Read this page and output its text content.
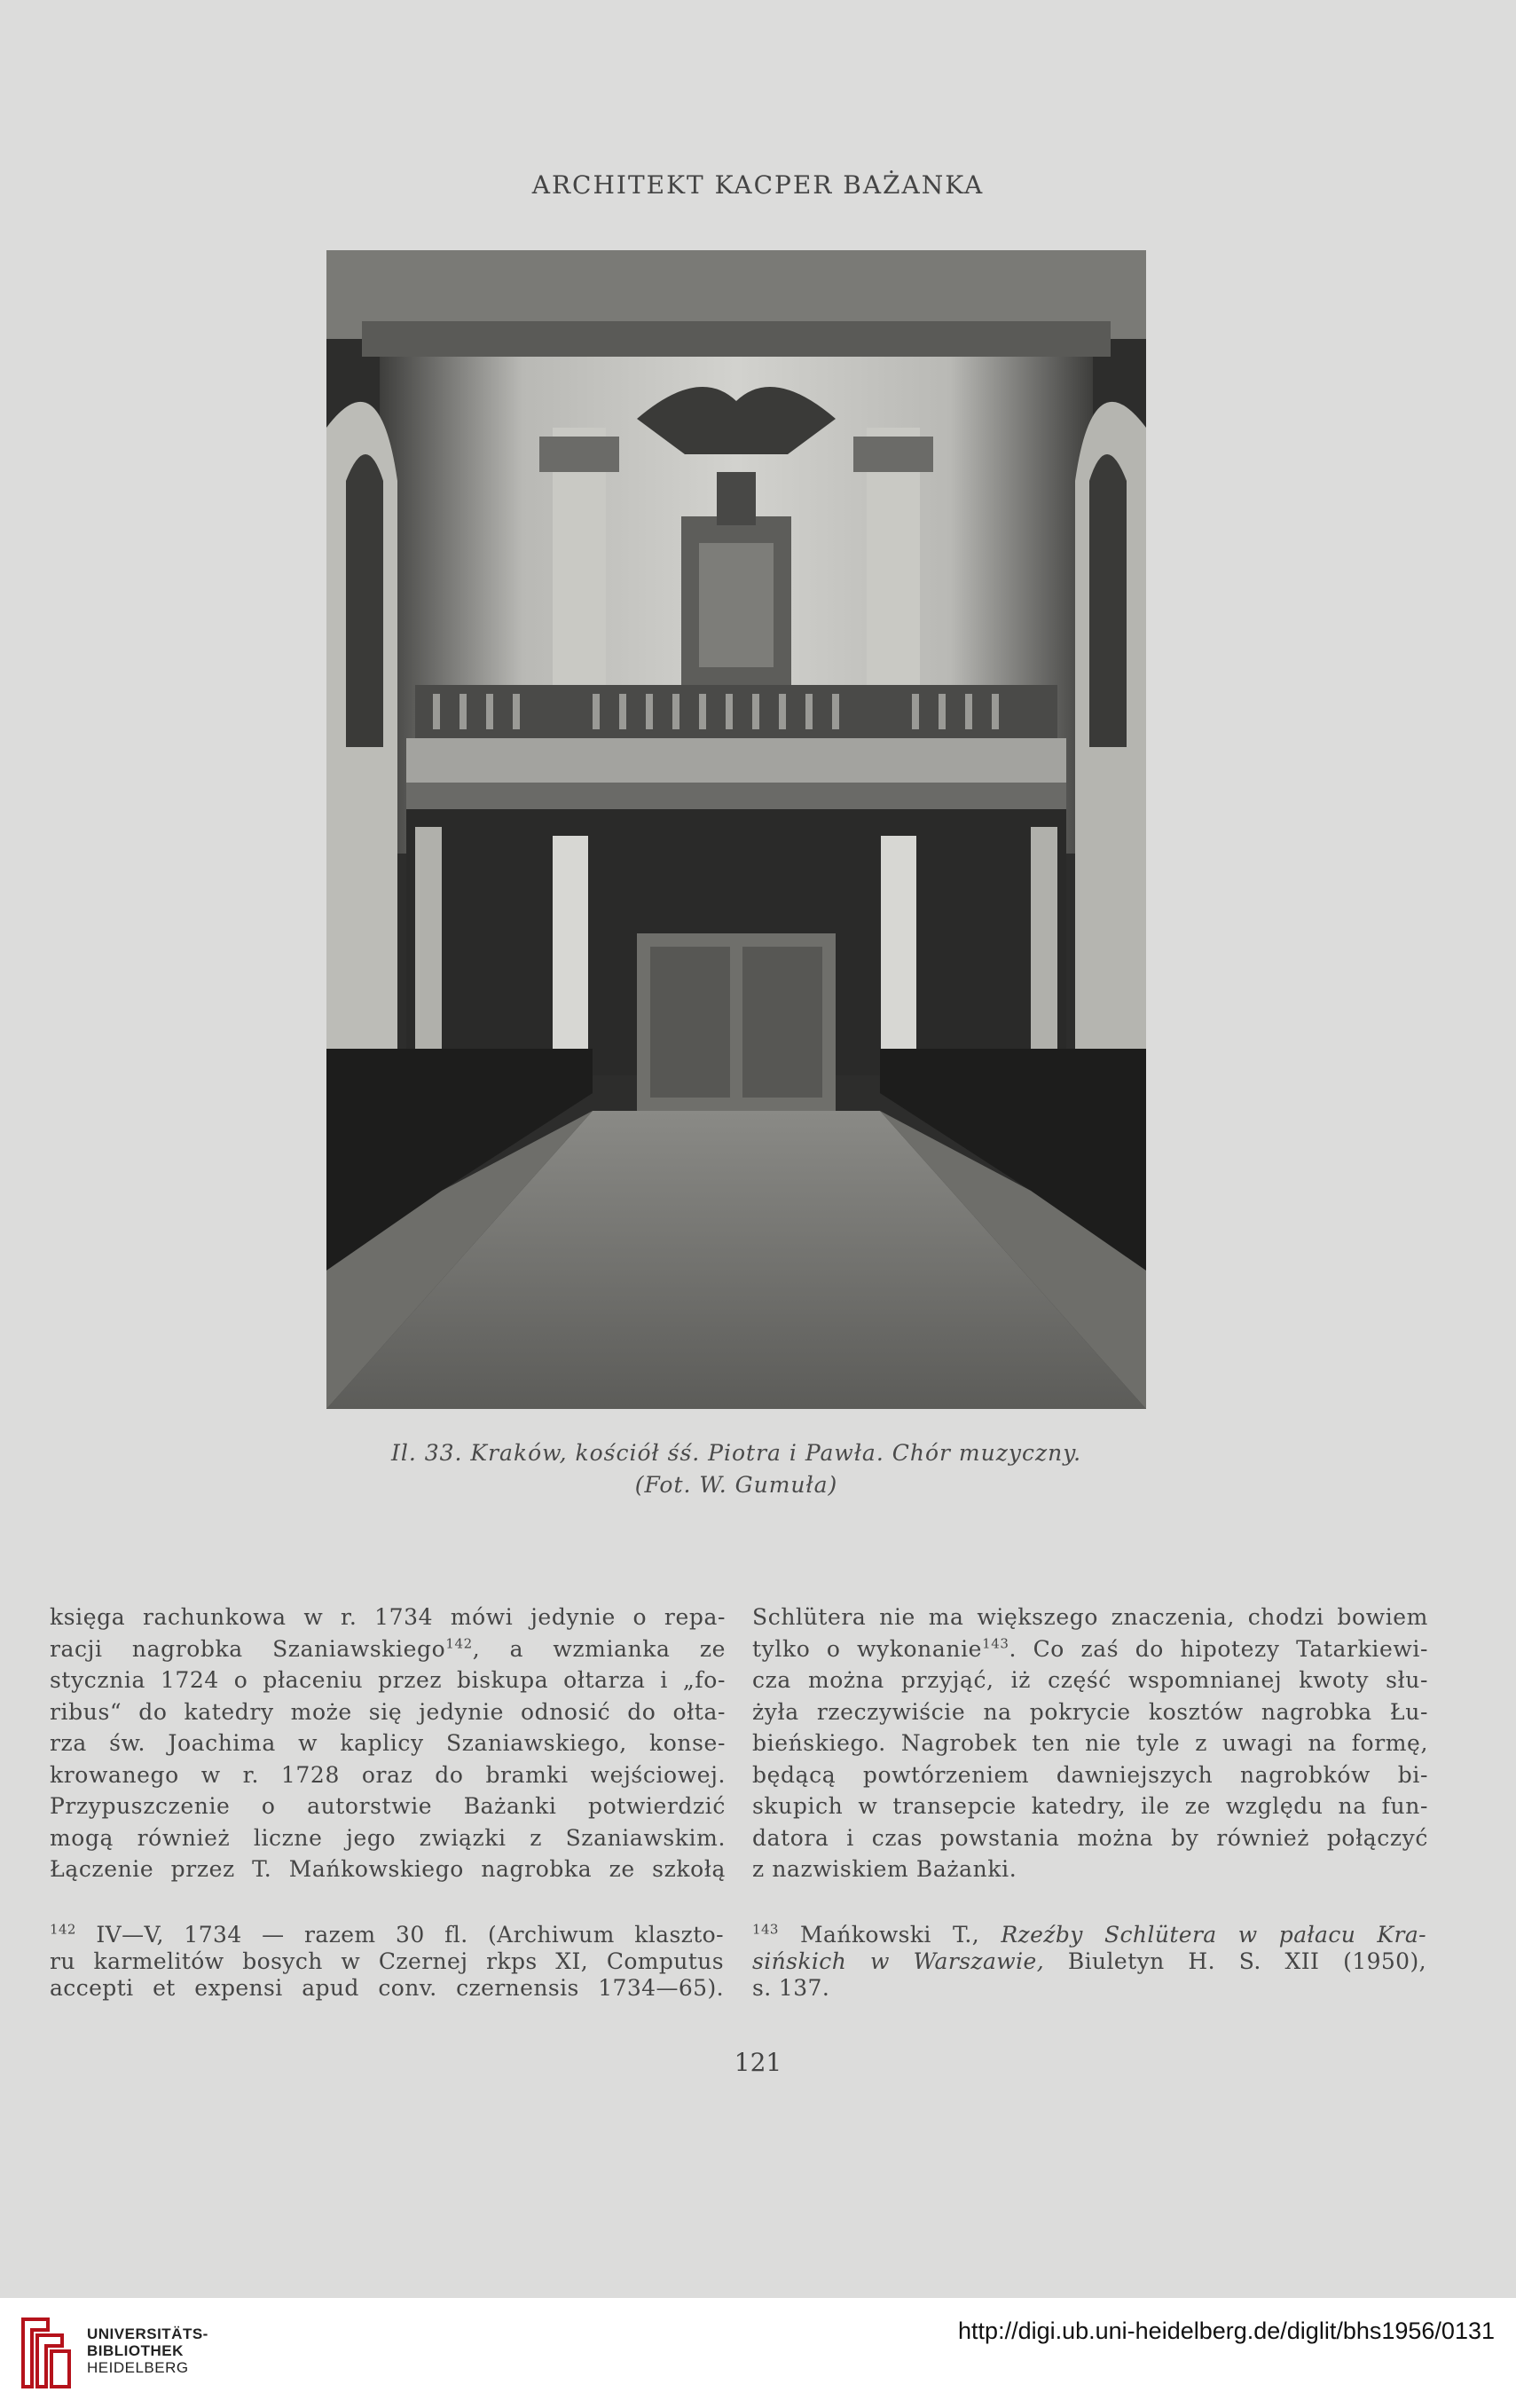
ARCHITEKT KACPER BAŻANKA
Il. 33. Kraków, kościół śś. Piotra i Pawła. Chór muzyczny.
(Fot. W. Gumuła)

księga rachunkowa w r. 1734 mówi jedynie o repa-

racji nagrobka Szaniawskiego$^{142}$, a wzmianka ze

stycznia 1724 o płaceniu przez biskupa ołtarza i „fo-

ribus“ do katedry może się jedynie odnosić do ołta-

rza św. Joachima w kaplicy Szaniawskiego, konse-

krowanego w r. 1728 oraz do bramki wejściowej.

Przypuszczenie o autorstwie Bażanki potwierdzić

mogą również liczne jego związki z Szaniawskim.

Łączenie przez T. Mańkowskiego nagrobka ze szkołą

Schlütera nie ma większego znaczenia, chodzi bowiem

tylko o wykonanie$^{143}$. Co zaś do hipotezy Tatarkiewi-

cza można przyjąć, iż część wspomnianej kwoty słu-

żyła rzeczywiście na pokrycie kosztów nagrobka Łu-

bieńskiego. Nagrobek ten nie tyle z uwagi na formę,

będącą powtórzeniem dawniejszych nagrobków bi-

skupich w transepcie katedry, ile ze względu na fun-

datora i czas powstania można by również połączyć

z nazwiskiem Bażanki.

$^{142}$ IV—V, 1734 — razem 30 fl. (Archiwum klaszto-

ru karmelitów bosych w Czernej rkps XI, Computus

accepti et expensi apud conv. czernensis 1734—65).

$^{143}$ Mańkowski T., Rzeźby Schlütera w pałacu Kra-

sińskich w Warszawie, Biuletyn H. S. XII (1950),

s. 137.

121
UNIVERSITÄTS-
BIBLIOTHEK
HEIDELBERG
http://digi.ub.uni-heidelberg.de/diglit/bhs1956/0131
